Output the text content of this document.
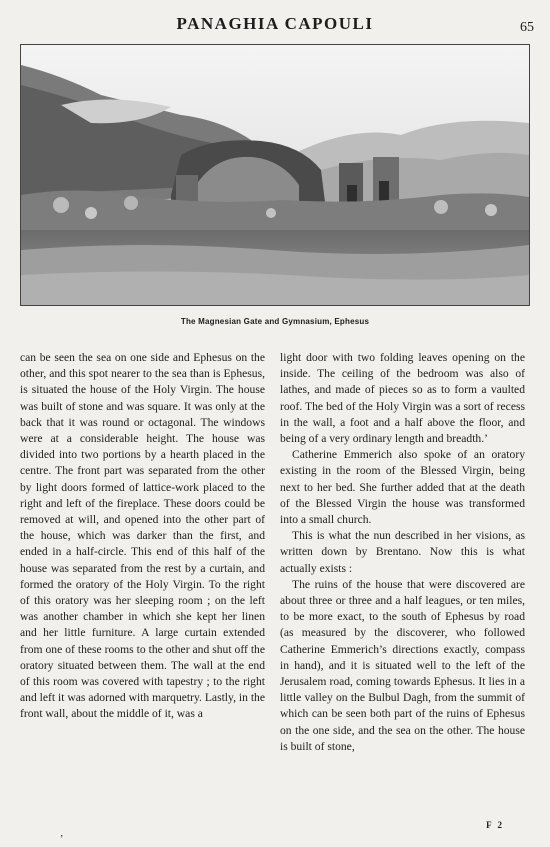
PANAGHIA CAPOULI	65
The Magnesian Gate and Gymnasium, Ephesus

can be seen the sea on one side and Ephesus on the other, and this spot nearer to the sea than is Ephesus, is situated the house of the Holy Virgin. The house was built of stone and was square. It was only at the back that it was round or octagonal. The windows were at a considerable height. The house was divided into two portions by a hearth placed in the centre. The front part was separated from the other by light doors formed of lattice-work placed to the right and left of the fireplace. These doors could be removed at will, and opened into the other part of the house, which was darker than the first, and ended in a half-circle. This end of this half of the house was separated from the rest by a curtain, and formed the oratory of the Holy Virgin. To the right of this oratory was her sleeping room ; on the left was another chamber in which she kept her linen and her little furniture. A large curtain extended from one of these rooms to the other and shut off the oratory situated between them. The wall at the end of this room was covered with tapestry ; to the right and left it was adorned with marquetry. Lastly, in the front wall, about the middle of it, was a

light door with two folding leaves opening on the inside. The ceiling of the bedroom was also of lathes, and made of pieces so as to form a vaulted roof. The bed of the Holy Virgin was a sort of recess in the wall, a foot and a half above the floor, and being of a very ordinary length and breadth.’

Catherine Emmerich also spoke of an oratory existing in the room of the Blessed Virgin, being next to her bed. She further added that at the death of the Blessed Virgin the house was transformed into a small church.

This is what the nun described in her visions, as written down by Brentano. Now this is what actually exists :

The ruins of the house that were discovered are about three or three and a half leagues, or ten miles, to be more exact, to the south of Ephesus by road (as measured by the discoverer, who followed Catherine Emmerich’s directions exactly, compass in hand), and it is situated well to the left of the Jerusalem road, coming towards Ephesus. It lies in a little valley on the Bulbul Dagh, from the summit of which can be seen both part of the ruins of Ephesus on the one side, and the sea on the other. The house is built of stone,

‚
F 2
